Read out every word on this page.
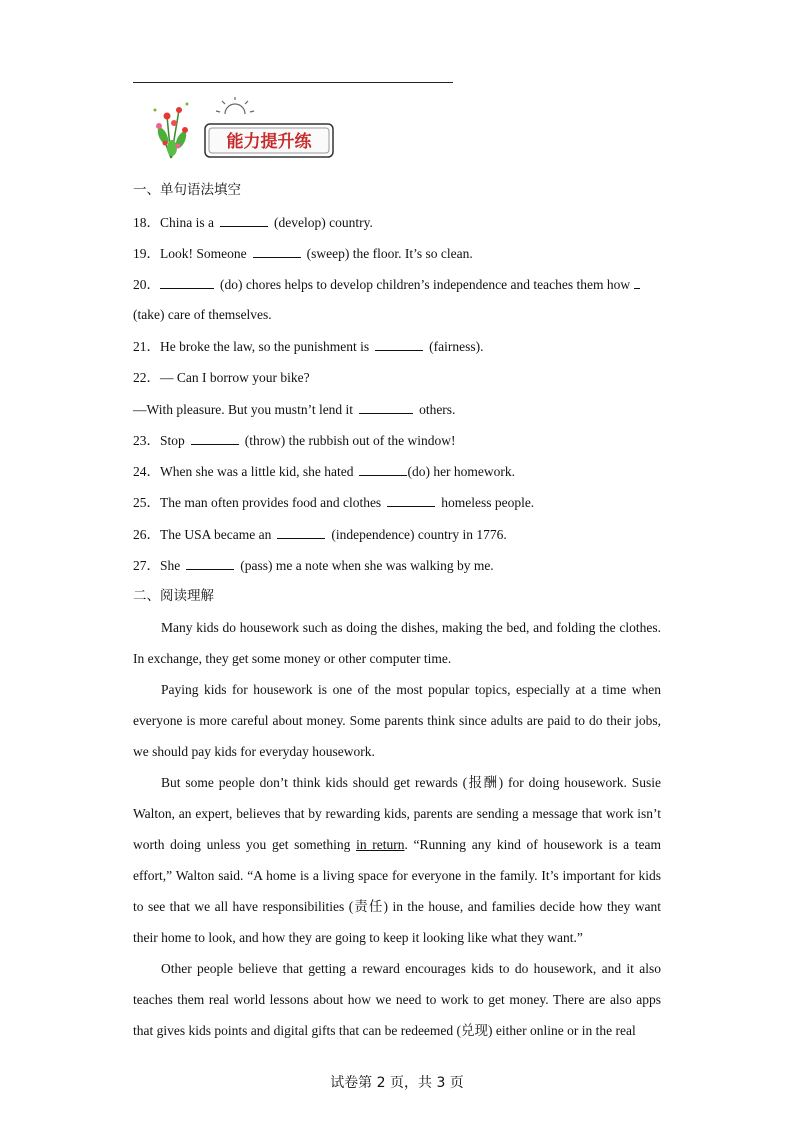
能力提升练
一、单句语法填空
18．China is a	(develop) country.
19．Look! Someone	(sweep) the floor. It’s so clean.
20．	(do) chores helps to develop children’s independence and teaches them how
(take) care of themselves.
21．He broke the law, so the punishment is	(fairness).
22．— Can I borrow your bike?
—With pleasure. But you mustn’t lend it	others.
23．Stop	(throw) the rubbish out of the window!
24．When she was a little kid, she hated	(do) her homework.
25．The man often provides food and clothes	homeless people.
26．The USA became an	(independence) country in 1776.
27．She	(pass) me a note when she was walking by me.
二、阅读理解
Many kids do housework such as doing the dishes, making the bed, and folding the clothes. In exchange, they get some money or other computer time.
Paying kids for housework is one of the most popular topics, especially at a time when everyone is more careful about money. Some parents think since adults are paid to do their jobs, we should pay kids for everyday housework.
But some people don’t think kids should get rewards (报酬) for doing housework. Susie Walton, an expert, believes that by rewarding kids, parents are sending a message that work isn’t worth doing unless you get something in return. “Running any kind of housework is a team effort,” Walton said. “A home is a living space for everyone in the family. It’s important for kids to see that we all have responsibilities (责任) in the house, and families decide how they want their home to look, and how they are going to keep it looking like what they want.”
Other people believe that getting a reward encourages kids to do housework, and it also teaches them real world lessons about how we need to work to get money. There are also apps that gives kids points and digital gifts that can be redeemed (兑现) either online or in the real
试卷第 2 页，共 3 页
